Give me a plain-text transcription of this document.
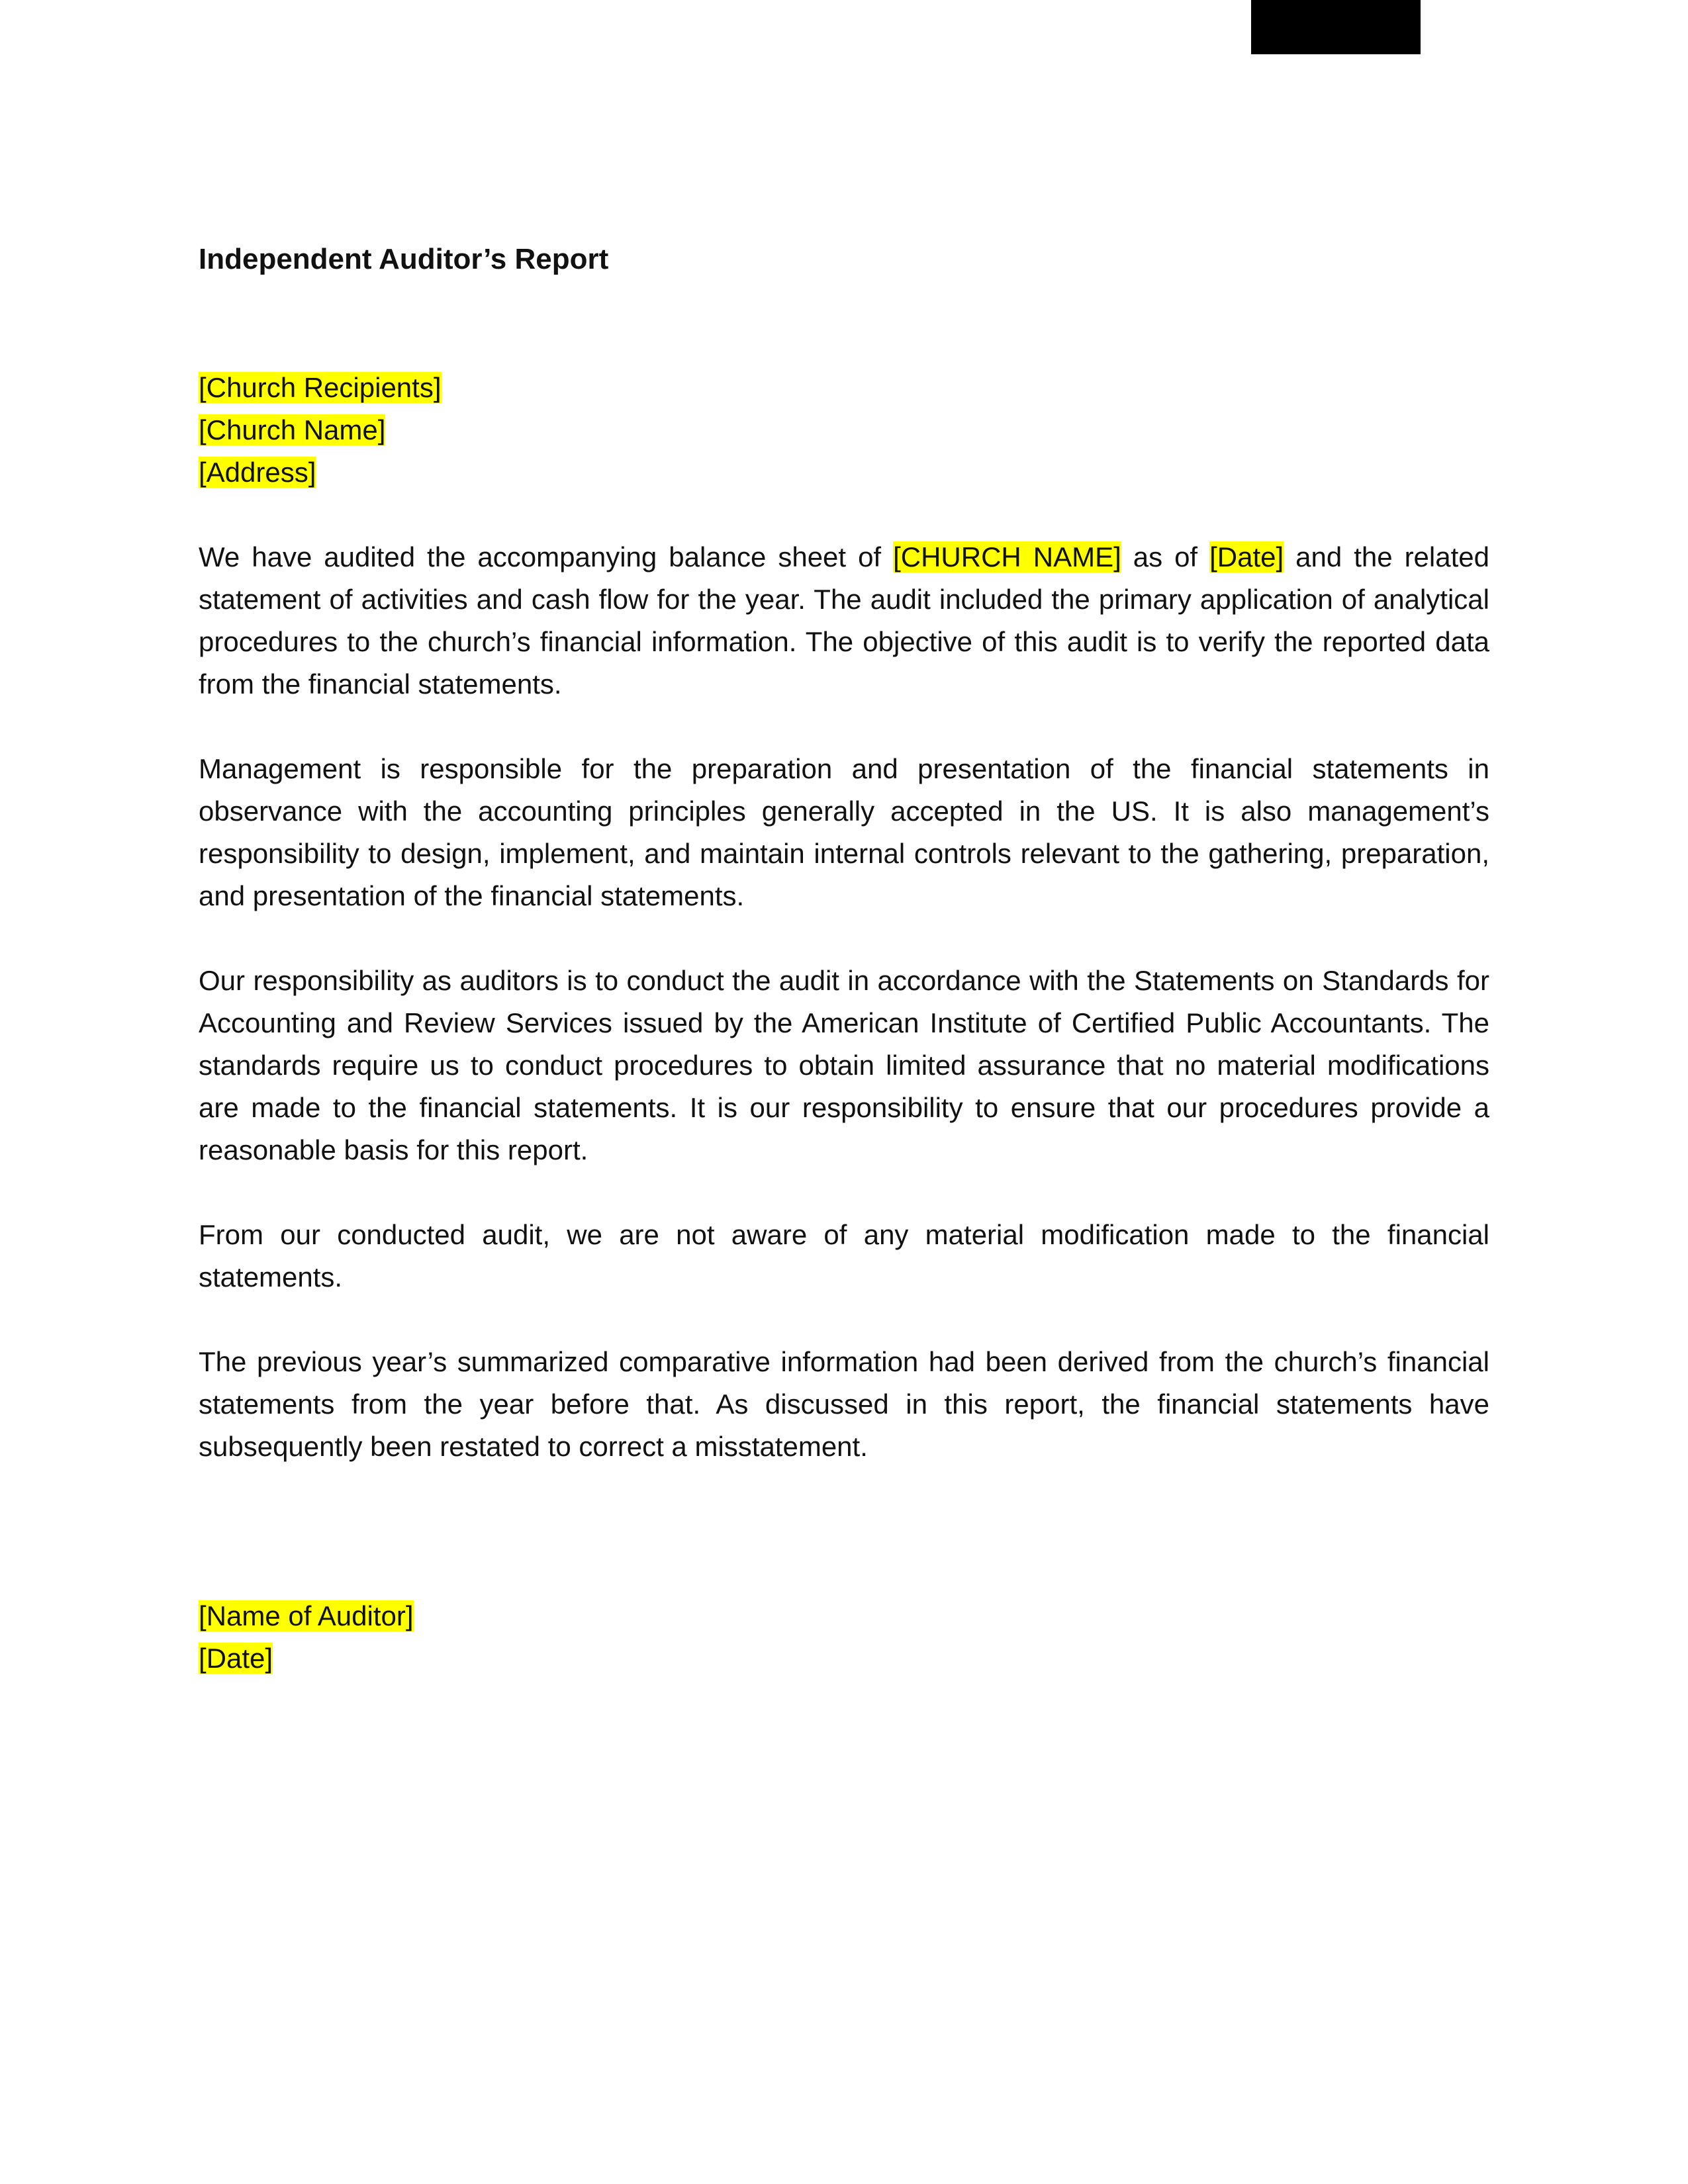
Independent Auditor’s Report
[Church Recipients]
[Church Name]
[Address]

We have audited the accompanying balance sheet of [CHURCH NAME] as of [Date] and the related statement of activities and cash flow for the year. The audit included the primary application of analytical procedures to the church’s financial information. The objective of this audit is to verify the reported data from the financial statements.

Management is responsible for the preparation and presentation of the financial statements in observance with the accounting principles generally accepted in the US. It is also management’s responsibility to design, implement, and maintain internal controls relevant to the gathering, preparation, and presentation of the financial statements.

Our responsibility as auditors is to conduct the audit in accordance with the Statements on Standards for Accounting and Review Services issued by the American Institute of Certified Public Accountants. The standards require us to conduct procedures to obtain limited assurance that no material modifications are made to the financial statements. It is our responsibility to ensure that our procedures provide a reasonable basis for this report.

From our conducted audit, we are not aware of any material modification made to the financial statements.

The previous year’s summarized comparative information had been derived from the church’s financial statements from the year before that. As discussed in this report, the financial statements have subsequently been restated to correct a misstatement.

[Name of Auditor]
[Date]
